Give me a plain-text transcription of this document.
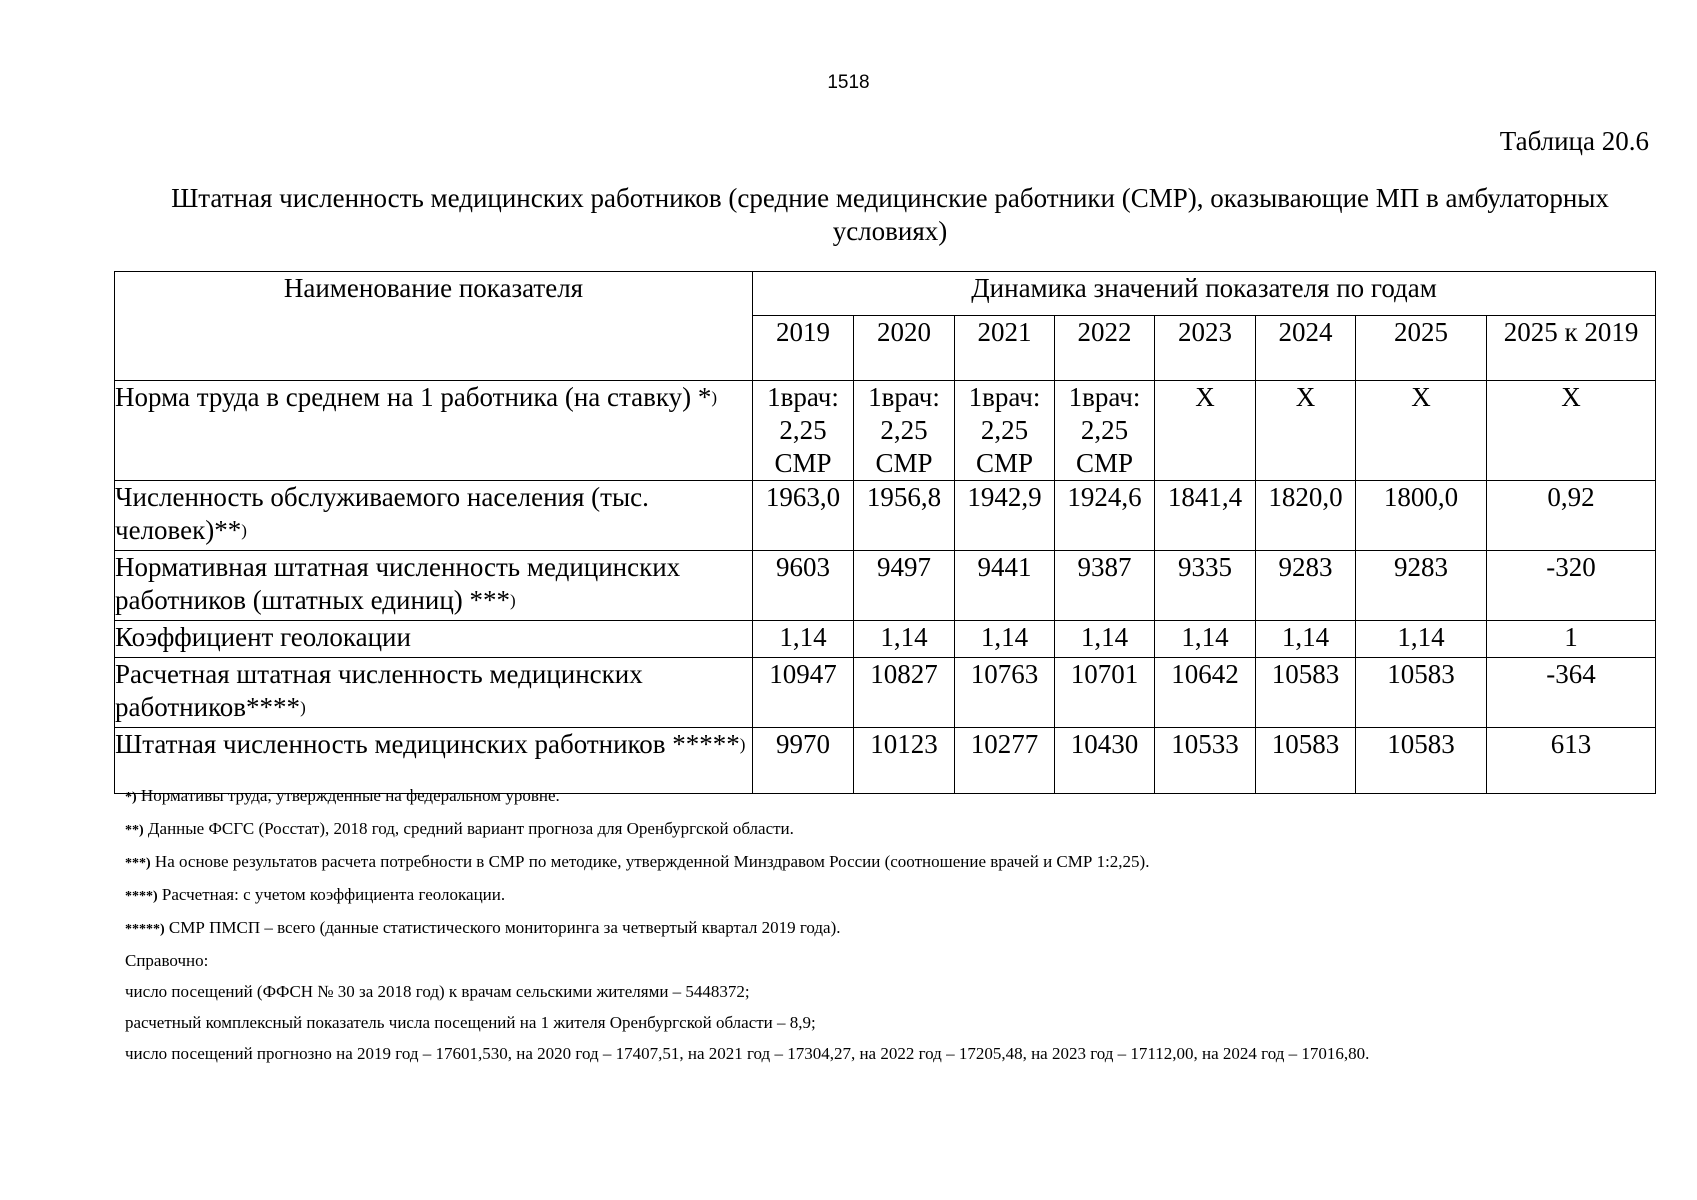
1518
Таблица 20.6
Штатная численность медицинских работников (средние медицинские работники (СМР), оказывающие МП в амбулаторных условиях)
Наименование показателя	Динамика значений показателя по годам							
	2019	2020	2021	2022	2023	2024	2025	2025 к 2019
Норма труда в среднем на 1 работника (на ставку) *)	1врач: 2,25 СМР	1врач: 2,25 СМР	1врач: 2,25 СМР	1врач: 2,25 СМР	Х	Х	Х	Х
Численность обслуживаемого населения (тыс. человек)**)	1963,0	1956,8	1942,9	1924,6	1841,4	1820,0	1800,0	0,92
Нормативная штатная численность медицинских работников (штатных единиц) ***)	9603	9497	9441	9387	9335	9283	9283	-320
Коэффициент геолокации	1,14	1,14	1,14	1,14	1,14	1,14	1,14	1
Расчетная штатная численность медицинских работников****)	10947	10827	10763	10701	10642	10583	10583	-364
Штатная численность медицинских работников *****)	9970	10123	10277	10430	10533	10583	10583	613
*) Нормативы труда, утвержденные на федеральном уровне.
**) Данные ФСГС (Росстат), 2018 год, средний вариант прогноза для Оренбургской области.
***) На основе результатов расчета потребности в СМР по методике, утвержденной Минздравом России (соотношение врачей и СМР 1:2,25).
****) Расчетная: с учетом коэффициента геолокации.
*****) СМР ПМСП – всего (данные статистического мониторинга за четвертый квартал 2019 года).
Справочно:
число посещений (ФФСН № 30 за 2018 год) к врачам сельскими жителями – 5448372;
расчетный комплексный показатель числа посещений на 1 жителя Оренбургской области – 8,9;
число посещений прогнозно на 2019 год – 17601,530, на 2020 год – 17407,51, на 2021 год – 17304,27, на 2022 год – 17205,48, на 2023 год – 17112,00, на 2024 год – 17016,80.
